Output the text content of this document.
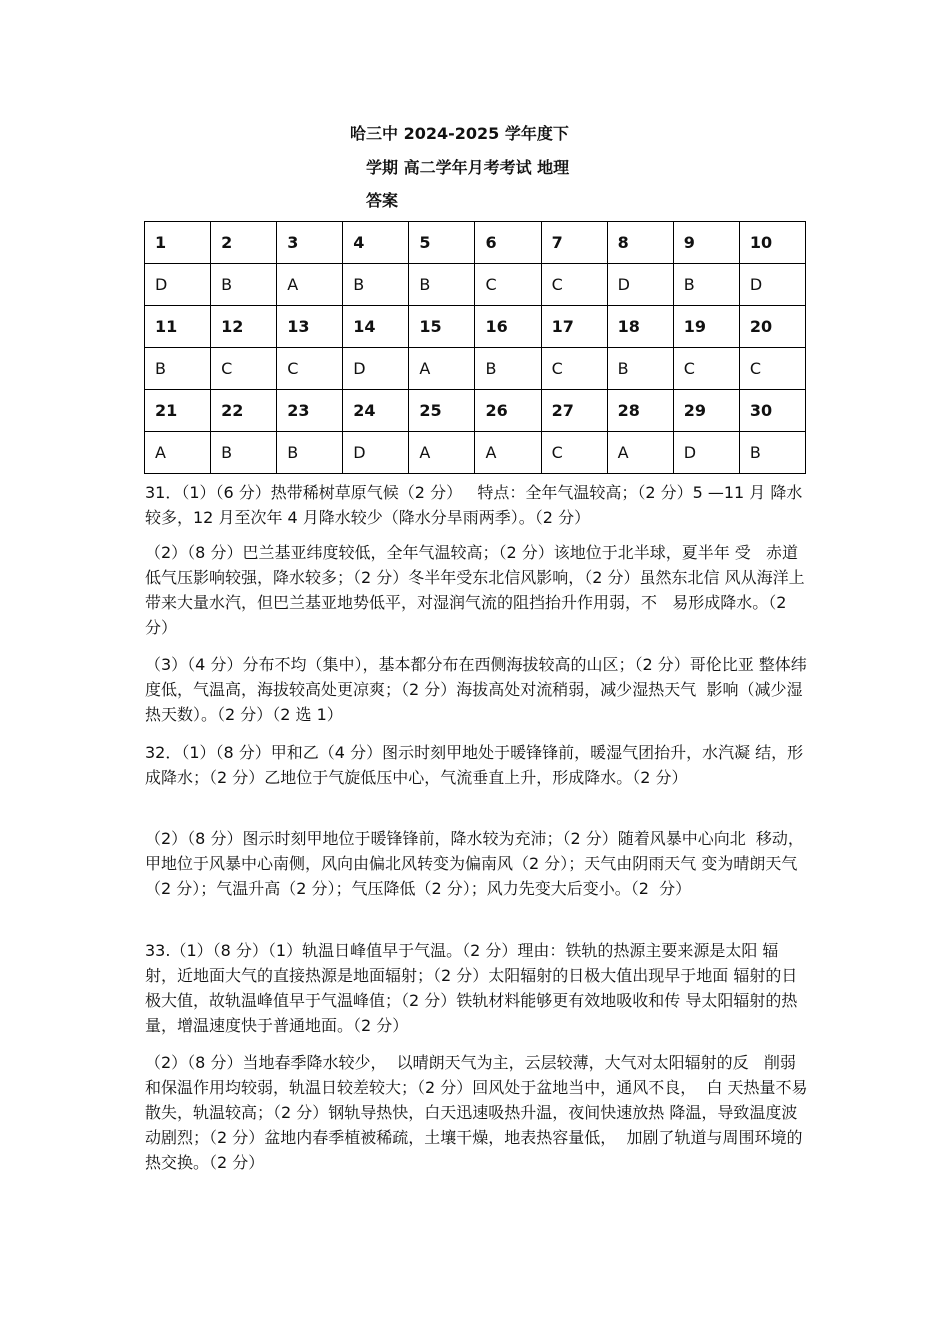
哈三中 2024-2025 学年度下
学期 高二学年月考考试 地理
答案
1	2	3	4	5	6	7	8	9	10
D	B	A	B	B	C	C	D	B	D
11	12	13	14	15	16	17	18	19	20
B	C	C	D	A	B	C	B	C	C
21	22	23	24	25	26	27	28	29	30
A	B	B	D	A	A	C	A	D	B

31．（1）（6 分）热带稀树草原气候（2 分）   特点：全年气温较高；（2 分）5 —11 月 降水较多，12 月至次年 4 月降水较少（降水分旱雨两季）。（2 分）

（2）（8 分）巴兰基亚纬度较低，全年气温较高；（2 分）该地位于北半球，夏半年 受   赤道低气压影响较强，降水较多；（2 分）冬半年受东北信风影响，（2 分）虽然东北信 风从海洋上带来大量水汽，但巴兰基亚地势低平，对湿润气流的阻挡抬升作用弱，不   易形成降水。（2 分）

（3）（4 分）分布不均（集中），基本都分布在西侧海拔较高的山区；（2 分）哥伦比亚 整体纬度低，气温高，海拔较高处更凉爽；（2 分）海拔高处对流稍弱，减少湿热天气  影响（减少湿热天数）。（2 分）（2 选 1）

32．（1）（8 分）甲和乙（4 分）图示时刻甲地处于暖锋锋前，暖湿气团抬升，水汽凝 结，形成降水；（2 分）乙地位于气旋低压中心，气流垂直上升，形成降水。（2 分）

（2）（8 分）图示时刻甲地位于暖锋锋前，降水较为充沛；（2 分）随着风暴中心向北  移动，甲地位于风暴中心南侧，风向由偏北风转变为偏南风（2 分）；天气由阴雨天气 变为晴朗天气（2 分）；气温升高（2 分）；气压降低（2 分）；风力先变大后变小。（2  分）

33.（1）（8 分）（1）轨温日峰值早于气温。（2 分）理由：铁轨的热源主要来源是太阳 辐射，近地面大气的直接热源是地面辐射；（2 分）太阳辐射的日极大值出现早于地面 辐射的日极大值，故轨温峰值早于气温峰值；（2 分）铁轨材料能够更有效地吸收和传 导太阳辐射的热量，增温速度快于普通地面。（2 分）

（2）（8 分）当地春季降水较少，  以晴朗天气为主，云层较薄，大气对太阳辐射的反   削弱和保温作用均较弱，轨温日较差较大；（2 分）回风处于盆地当中，通风不良，  白 天热量不易散失，轨温较高；（2 分）钢轨导热快，白天迅速吸热升温，夜间快速放热 降温，导致温度波动剧烈；（2 分）盆地内春季植被稀疏，土壤干燥，地表热容量低，  加剧了轨道与周围环境的热交换。（2 分）
